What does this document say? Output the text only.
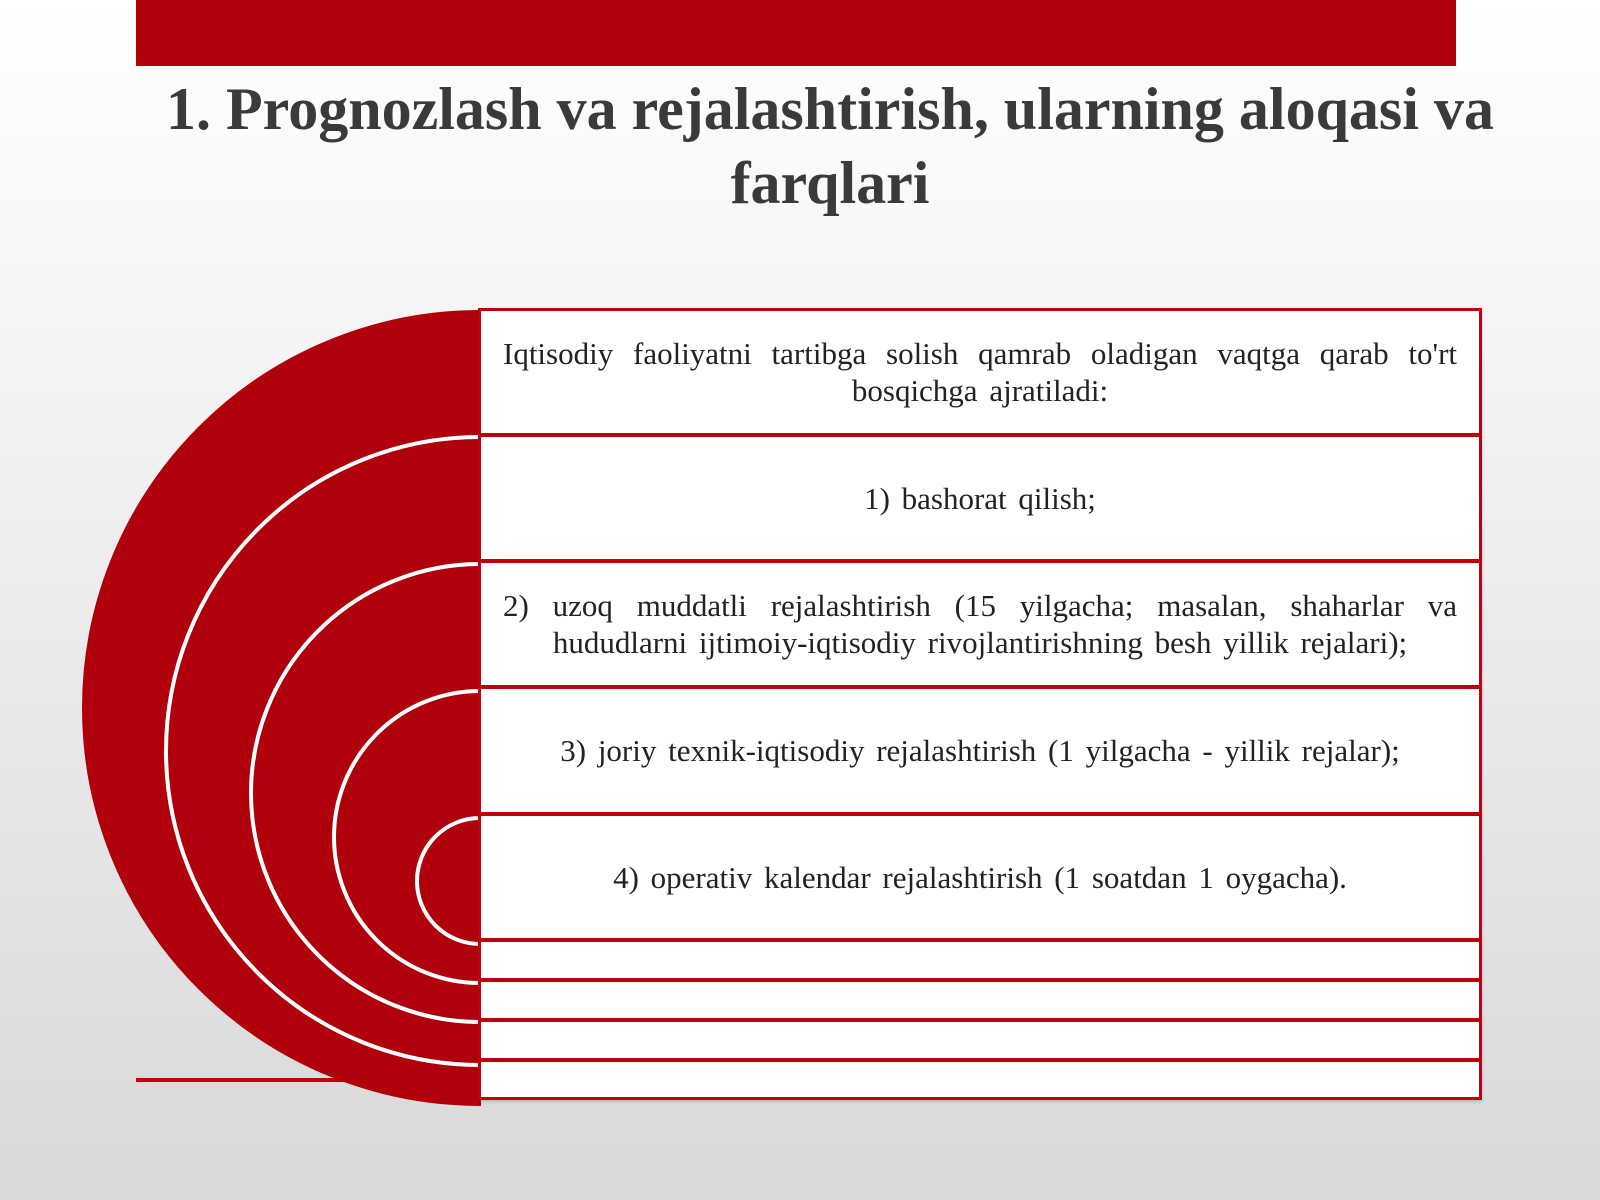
1. Prognozlash va rejalashtirish, ularning aloqasi va
farqlari
Iqtisodiy faoliyatni tartibga solish qamrab oladigan vaqtga qarab to'rt bosqichga ajratiladi:
1) bashorat qilish;
2) uzoq muddatli rejalashtirish (15 yilgacha; masalan, shaharlar va hududlarni ijtimoiy-iqtisodiy rivojlantirishning besh yillik rejalari);
3) joriy texnik-iqtisodiy rejalashtirish (1 yilgacha - yillik rejalar);
4) operativ kalendar rejalashtirish (1 soatdan 1 oygacha).
